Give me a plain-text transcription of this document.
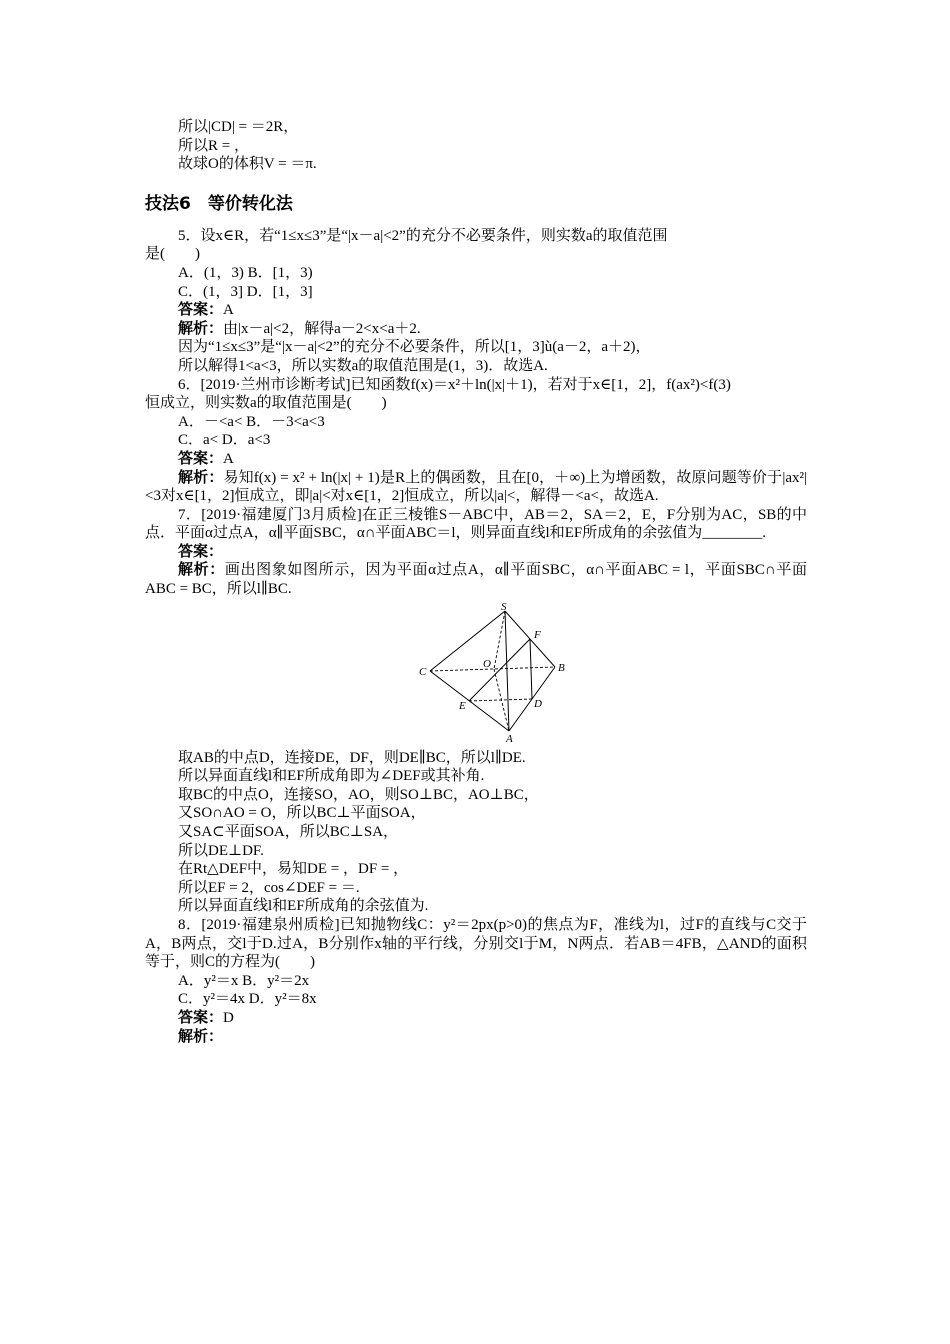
所以|CD| = ＝2R，
所以R = ，
故球O的体积V = ＝π.
技法6　等价转化法
5．设x∈R，若“1≤x≤3”是“|x－a|<2”的充分不必要条件，则实数a的取值范围
是(　　)
A．(1，3) B．[1，3)
C．(1，3] D．[1，3]
答案：A
解析：由|x－a|<2，解得a－2<x<a＋2.
因为“1≤x≤3”是“|x－a|<2”的充分不必要条件，所以[1，3]ù(a－2，a＋2)，
所以解得1<a<3，所以实数a的取值范围是(1，3)．故选A.
6．[2019·兰州市诊断考试]已知函数f(x)＝x²＋ln(|x|＋1)，若对于x∈[1，2]，f(ax²)<f(3)
恒成立，则实数a的取值范围是(　　)
A．－<a< B．－3<a<3
C．a< D．a<3
答案：A
解析：易知f(x) = x² + ln(|x| + 1)是R上的偶函数，且在[0，＋∞)上为增函数，故原问题等价于|ax²|<3对x∈[1，2]恒成立，即|a|<对x∈[1，2]恒成立，所以|a|<，解得－<a<，故选A.
7．[2019·福建厦门3月质检]在正三棱锥S－ABC中，AB＝2，SA＝2，E，F分别为AC，SB的中点．平面α过点A，α∥平面SBC，α∩平面ABC＝l，则异面直线l和EF所成角的余弦值为________.
答案：
解析：画出图象如图所示，因为平面α过点A，α∥平面SBC，α∩平面ABC = l，平面SBC∩平面ABC = BC，所以l∥BC.
S
F
C
O	B
E	D
A
取AB的中点D，连接DE，DF，则DE∥BC，所以l∥DE.
所以异面直线l和EF所成角即为∠DEF或其补角.
取BC的中点O，连接SO，AO，则SO⊥BC，AO⊥BC，
又SO∩AO = O，所以BC⊥平面SOA，
又SA⊂平面SOA，所以BC⊥SA，
所以DE⊥DF.
在Rt△DEF中，易知DE = ，DF = ，
所以EF = 2，cos∠DEF = ＝.
所以异面直线l和EF所成角的余弦值为.
8．[2019·福建泉州质检]已知抛物线C：y²＝2px(p>0)的焦点为F，准线为l，过F的直线与C交于A，B两点，交l于D.过A，B分别作x轴的平行线，分别交l于M，N两点．若AB＝4FB，△AND的面积等于，则C的方程为(　　)
A．y²＝x B．y²＝2x
C．y²＝4x D．y²＝8x
答案：D
解析：
